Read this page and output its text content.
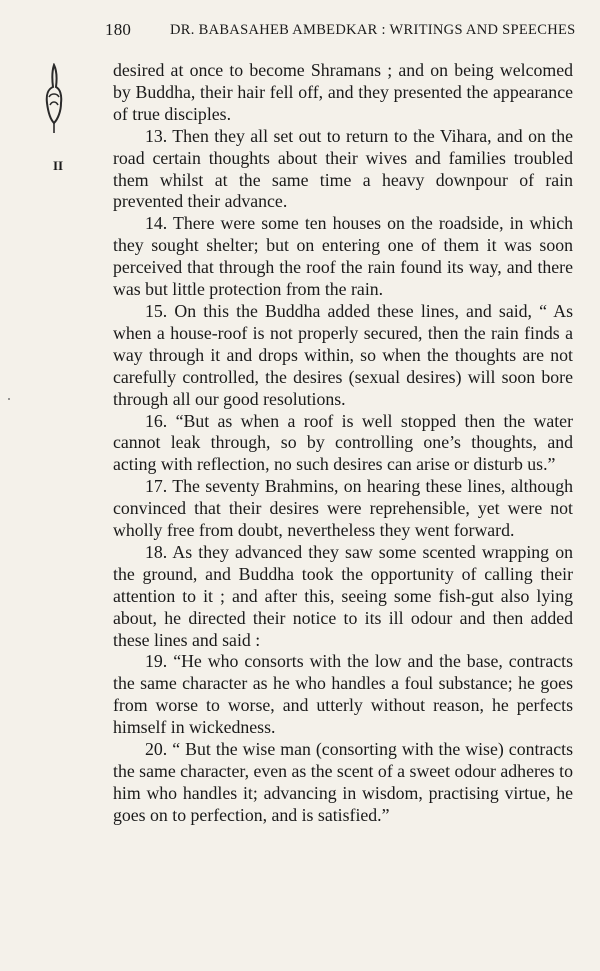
180	DR. BABASAHEB AMBEDKAR : WRITINGS AND SPEECHES
II

desired at once to become Shramans ; and on being welcomed by Buddha, their hair fell off, and they presented the appearance of true disciples.

13. Then they all set out to return to the Vihara, and on the road certain thoughts about their wives and families troubled them whilst at the same time a heavy downpour of rain prevented their advance.

14. There were some ten houses on the roadside, in which they sought shelter; but on entering one of them it was soon perceived that through the roof the rain found its way, and there was but little protection from the rain.

15. On this the Buddha added these lines, and said, “ As when a house-roof is not properly secured, then the rain finds a way through it and drops within, so when the thoughts are not carefully controlled, the desires (sexual desires) will soon bore through all our good resolutions.

16. “But as when a roof is well stopped then the water cannot leak through, so by controlling one’s thoughts, and acting with reflection, no such desires can arise or disturb us.”

17. The seventy Brahmins, on hearing these lines, although convinced that their desires were reprehensible, yet were not wholly free from doubt, nevertheless they went forward.

18. As they advanced they saw some scented wrapping on the ground, and Buddha took the opportunity of calling their attention to it ; and after this, seeing some fish-gut also lying about, he directed their notice to its ill odour and then added these lines and said :

19. “He who consorts with the low and the base, contracts the same character as he who handles a foul substance; he goes from worse to worse, and utterly without reason, he perfects himself in wickedness.

20. “ But the wise man (consorting with the wise) contracts the same character, even as the scent of a sweet odour adheres to him who handles it; advancing in wisdom, practising virtue, he goes on to perfection, and is satisfied.”
